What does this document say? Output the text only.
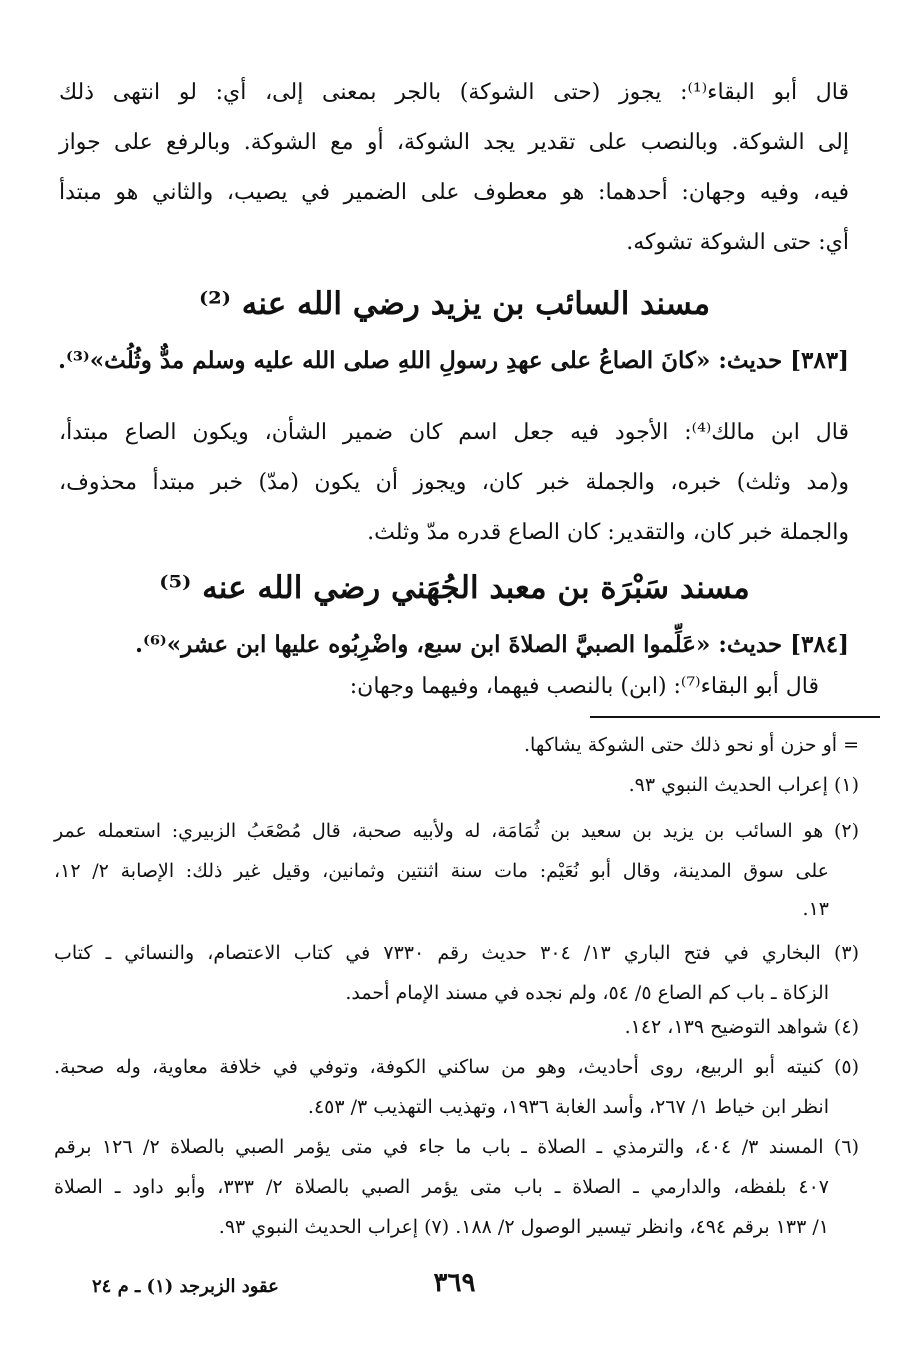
قال أبو البقاء⁽¹⁾: يجوز (حتى الشوكة) بالجر بمعنى إلى، أي: لو انتهى ذلك
إلى الشوكة. وبالنصب على تقدير يجد الشوكة، أو مع الشوكة. وبالرفع على جواز
فيه، وفيه وجهان: أحدهما: هو معطوف على الضمير في يصيب، والثاني هو مبتدأ
أي: حتى الشوكة تشوكه.
مسند السائب بن يزيد رضي الله عنه ⁽²⁾
[٣٨٣] حديث: «كانَ الصاعُ على عهدِ رسولِ اللهِ صلى الله عليه وسلم مدٌّ وثُلُث»⁽³⁾.
قال ابن مالك⁽⁴⁾: الأجود فيه جعل اسم كان ضمير الشأن، ويكون الصاع مبتدأ،
و(مد وثلث) خبره، والجملة خبر كان، ويجوز أن يكون (مدّ) خبر مبتدأ محذوف،
والجملة خبر كان، والتقدير: كان الصاع قدره مدّ وثلث.
مسند سَبْرَة بن معبد الجُهَني رضي الله عنه ⁽⁵⁾
[٣٨٤] حديث: «عَلِّموا الصبيَّ الصلاةَ ابن سبع، واضْرِبُوه عليها ابن عشر»⁽⁶⁾.
قال أبو البقاء⁽⁷⁾: (ابن) بالنصب فيهما، وفيهما وجهان:
= أو حزن أو نحو ذلك حتى الشوكة يشاكها.
(١) إعراب الحديث النبوي ٩٣.
(٢) هو السائب بن يزيد بن سعيد بن ثُمَامَة، له ولأبيه صحبة، قال مُصْعَبُ الزبيري: استعمله عمر
على سوق المدينة، وقال أبو نُعَيْم: مات سنة اثنتين وثمانين، وقيل غير ذلك: الإصابة ٢/ ١٢،
١٣.
(٣) البخاري في فتح الباري ١٣/ ٣٠٤ حديث رقم ٧٣٣٠ في كتاب الاعتصام، والنسائي ـ كتاب
الزكاة ـ باب كم الصاع ٥/ ٥٤، ولم نجده في مسند الإمام أحمد.
(٤) شواهد التوضيح ١٣٩، ١٤٢.
(٥) كنيته أبو الربيع، روى أحاديث، وهو من ساكني الكوفة، وتوفي في خلافة معاوية، وله صحبة.
انظر ابن خياط ١/ ٢٦٧، وأسد الغابة ١٩٣٦، وتهذيب التهذيب ٣/ ٤٥٣.
(٦) المسند ٣/ ٤٠٤، والترمذي ـ الصلاة ـ باب ما جاء في متى يؤمر الصبي بالصلاة ٢/ ١٢٦ برقم
٤٠٧ بلفظه، والدارمي ـ الصلاة ـ باب متى يؤمر الصبي بالصلاة ٢/ ٣٣٣، وأبو داود ـ الصلاة
١/ ١٣٣ برقم ٤٩٤، وانظر تيسير الوصول ٢/ ١٨٨. (٧) إعراب الحديث النبوي ٩٣.
٣٦٩
عقود الزبرجد (١) ـ م ٢٤
